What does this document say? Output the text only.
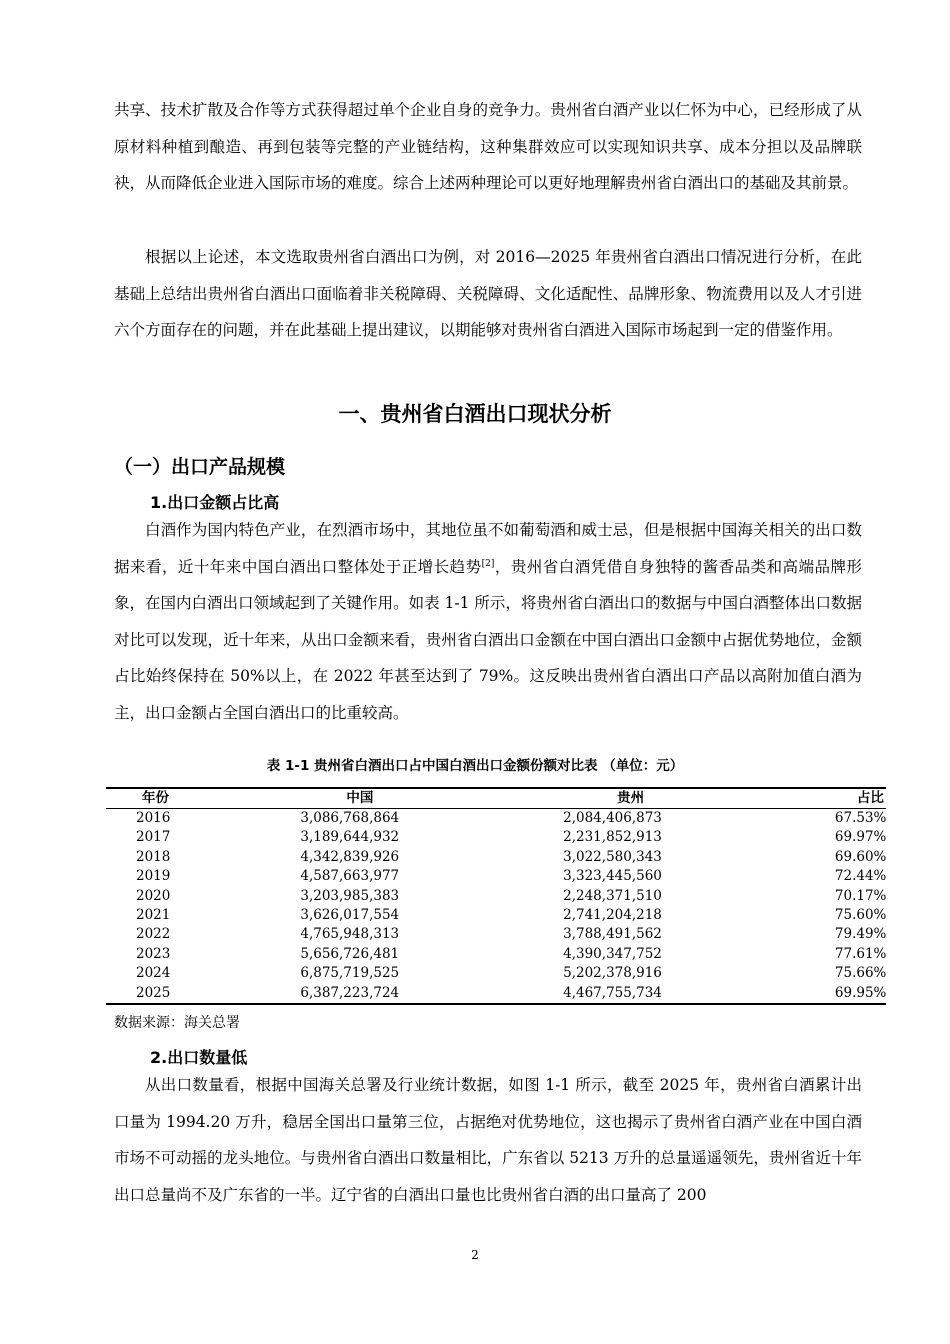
共享、技术扩散及合作等方式获得超过单个企业自身的竞争力。贵州省白酒产业以仁怀为中心，已经形成了从原材料种植到酿造、再到包装等完整的产业链结构，这种集群效应可以实现知识共享、成本分担以及品牌联袂，从而降低企业进入国际市场的难度。综合上述两种理论可以更好地理解贵州省白酒出口的基础及其前景。

根据以上论述，本文选取贵州省白酒出口为例，对 2016—2025 年贵州省白酒出口情况进行分析，在此基础上总结出贵州省白酒出口面临着非关税障碍、关税障碍、文化适配性、品牌形象、物流费用以及人才引进六个方面存在的问题，并在此基础上提出建议，以期能够对贵州省白酒进入国际市场起到一定的借鉴作用。

一、贵州省白酒出口现状分析
（一）出口产品规模
1.出口金额占比高

白酒作为国内特色产业，在烈酒市场中，其地位虽不如葡萄酒和威士忌，但是根据中国海关相关的出口数据来看，近十年来中国白酒出口整体处于正增长趋势[2]，贵州省白酒凭借自身独特的酱香品类和高端品牌形象，在国内白酒出口领域起到了关键作用。如表 1-1 所示，将贵州省白酒出口的数据与中国白酒整体出口数据对比可以发现，近十年来，从出口金额来看，贵州省白酒出口金额在中国白酒出口金额中占据优势地位，金额占比始终保持在 50%以上，在 2022 年甚至达到了 79%。这反映出贵州省白酒出口产品以高附加值白酒为主，出口金额占全国白酒出口的比重较高。

表 1-1 贵州省白酒出口占中国白酒出口金额份额对比表 （单位：元）

年份	中国	贵州	占比
2016	3,086,768,864	2,084,406,873	67.53%
2017	3,189,644,932	2,231,852,913	69.97%
2018	4,342,839,926	3,022,580,343	69.60%
2019	4,587,663,977	3,323,445,560	72.44%
2020	3,203,985,383	2,248,371,510	70.17%
2021	3,626,017,554	2,741,204,218	75.60%
2022	4,765,948,313	3,788,491,562	79.49%
2023	5,656,726,481	4,390,347,752	77.61%
2024	6,875,719,525	5,202,378,916	75.66%
2025	6,387,223,724	4,467,755,734	69.95%

数据来源：海关总署

2.出口数量低

从出口数量看，根据中国海关总署及行业统计数据，如图 1-1 所示，截至 2025 年，贵州省白酒累计出口量为 1994.20 万升，稳居全国出口量第三位，占据绝对优势地位，这也揭示了贵州省白酒产业在中国白酒市场不可动摇的龙头地位。与贵州省白酒出口数量相比，广东省以 5213 万升的总量遥遥领先，贵州省近十年出口总量尚不及广东省的一半。辽宁省的白酒出口量也比贵州省白酒的出口量高了 200

2
